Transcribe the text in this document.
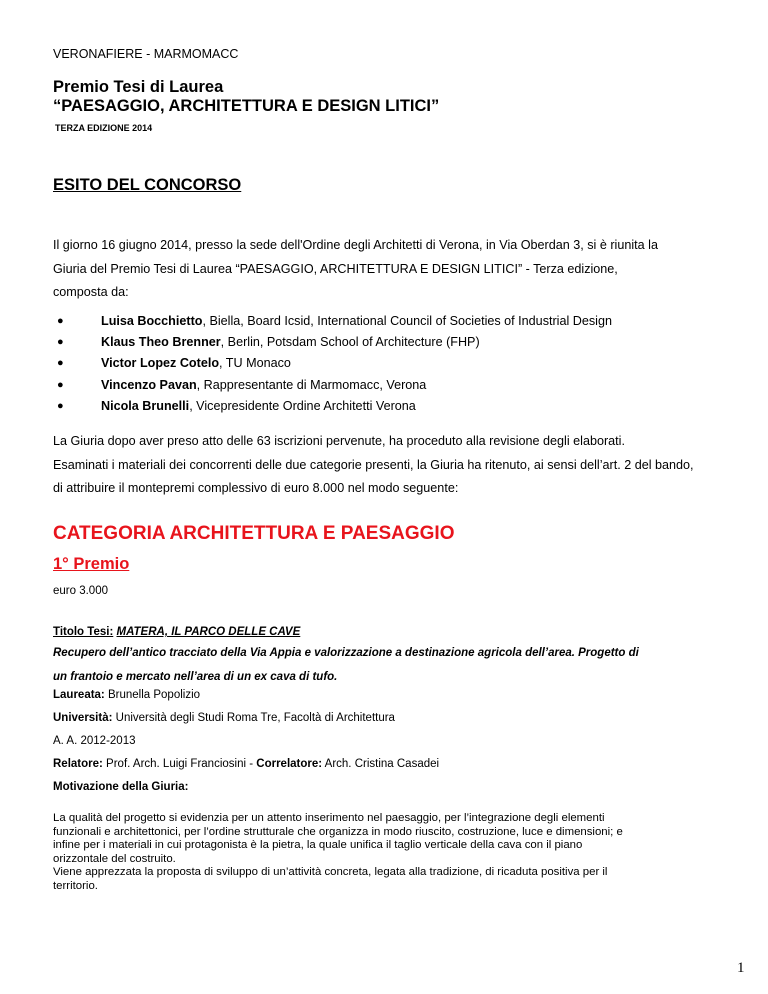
VERONAFIERE - MARMOMACC
Premio Tesi di Laurea
“PAESAGGIO, ARCHITETTURA E DESIGN LITICI”
TERZA EDIZIONE 2014
ESITO DEL CONCORSO

Il giorno 16 giugno 2014, presso la sede dell'Ordine degli Architetti di Verona, in Via Oberdan 3, si è riunita la

Giuria del Premio Tesi di Laurea “PAESAGGIO, ARCHITETTURA E DESIGN LITICI” - Terza edizione,

composta da:

●	Luisa Bocchietto, Biella, Board Icsid, International Council of Societies of Industrial Design
●	Klaus Theo Brenner, Berlin, Potsdam School of Architecture (FHP)
●	Victor Lopez Cotelo, TU Monaco
●	Vincenzo Pavan, Rappresentante di Marmomacc, Verona
●	Nicola Brunelli, Vicepresidente Ordine Architetti Verona

La Giuria dopo aver preso atto delle 63 iscrizioni pervenute, ha proceduto alla revisione degli elaborati.

Esaminati i materiali dei concorrenti delle due categorie presenti, la Giuria ha ritenuto, ai sensi dell’art. 2 del bando,

di attribuire il montepremi complessivo di euro 8.000 nel modo seguente:

CATEGORIA ARCHITETTURA E PAESAGGIO
1° Premio
euro 3.000
Titolo Tesi: MATERA, IL PARCO DELLE CAVE

Recupero dell’antico tracciato della Via Appia e valorizzazione a destinazione agricola dell’area. Progetto di

un frantoio e mercato nell’area di un ex cava di tufo.

Laureata: Brunella Popolizio
Università: Università degli Studi Roma Tre, Facoltà di Architettura
A. A. 2012-2013
Relatore: Prof. Arch. Luigi Franciosini - Correlatore: Arch. Cristina Casadei
Motivazione della Giuria:

La qualità del progetto si evidenzia per un attento inserimento nel paesaggio, per l’integrazione degli elementi

funzionali e architettonici, per l’ordine strutturale che organizza in modo riuscito, costruzione, luce e dimensioni; e

infine per i materiali in cui protagonista è la pietra, la quale unifica il taglio verticale della cava con il piano

orizzontale del costruito.

Viene apprezzata la proposta di sviluppo di un’attività concreta, legata alla tradizione, di ricaduta positiva per il

territorio.

1
